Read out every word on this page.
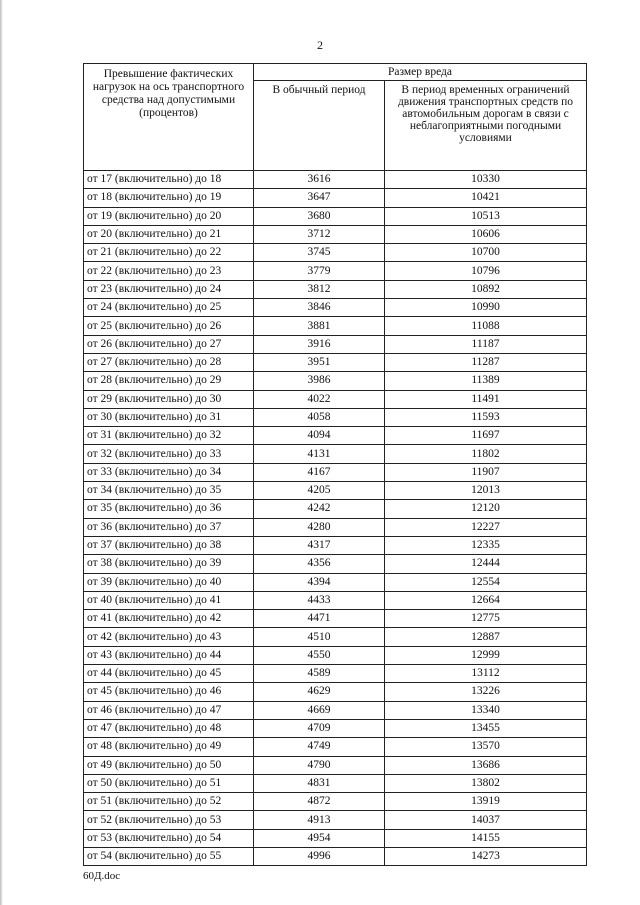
2
Превышение фактических нагрузок на ось транспортного средства над допустимыми (процентов)	Размер вреда	
	В обычный период	В период временных ограничений движения транспортных средств по автомобильным дорогам в связи с неблагоприятными погодными условиями
от 17 (включительно) до 18	3616	10330
от 18 (включительно) до 19	3647	10421
от 19 (включительно) до 20	3680	10513
от 20 (включительно) до 21	3712	10606
от 21 (включительно) до 22	3745	10700
от 22 (включительно) до 23	3779	10796
от 23 (включительно) до 24	3812	10892
от 24 (включительно) до 25	3846	10990
от 25 (включительно) до 26	3881	11088
от 26 (включительно) до 27	3916	11187
от 27 (включительно) до 28	3951	11287
от 28 (включительно) до 29	3986	11389
от 29 (включительно) до 30	4022	11491
от 30 (включительно) до 31	4058	11593
от 31 (включительно) до 32	4094	11697
от 32 (включительно) до 33	4131	11802
от 33 (включительно) до 34	4167	11907
от 34 (включительно) до 35	4205	12013
от 35 (включительно) до 36	4242	12120
от 36 (включительно) до 37	4280	12227
от 37 (включительно) до 38	4317	12335
от 38 (включительно) до 39	4356	12444
от 39 (включительно) до 40	4394	12554
от 40 (включительно) до 41	4433	12664
от 41 (включительно) до 42	4471	12775
от 42 (включительно) до 43	4510	12887
от 43 (включительно) до 44	4550	12999
от 44 (включительно) до 45	4589	13112
от 45 (включительно) до 46	4629	13226
от 46 (включительно) до 47	4669	13340
от 47 (включительно) до 48	4709	13455
от 48 (включительно) до 49	4749	13570
от 49 (включительно) до 50	4790	13686
от 50 (включительно) до 51	4831	13802
от 51 (включительно) до 52	4872	13919
от 52 (включительно) до 53	4913	14037
от 53 (включительно) до 54	4954	14155
от 54 (включительно) до 55	4996	14273
60Д.doc
